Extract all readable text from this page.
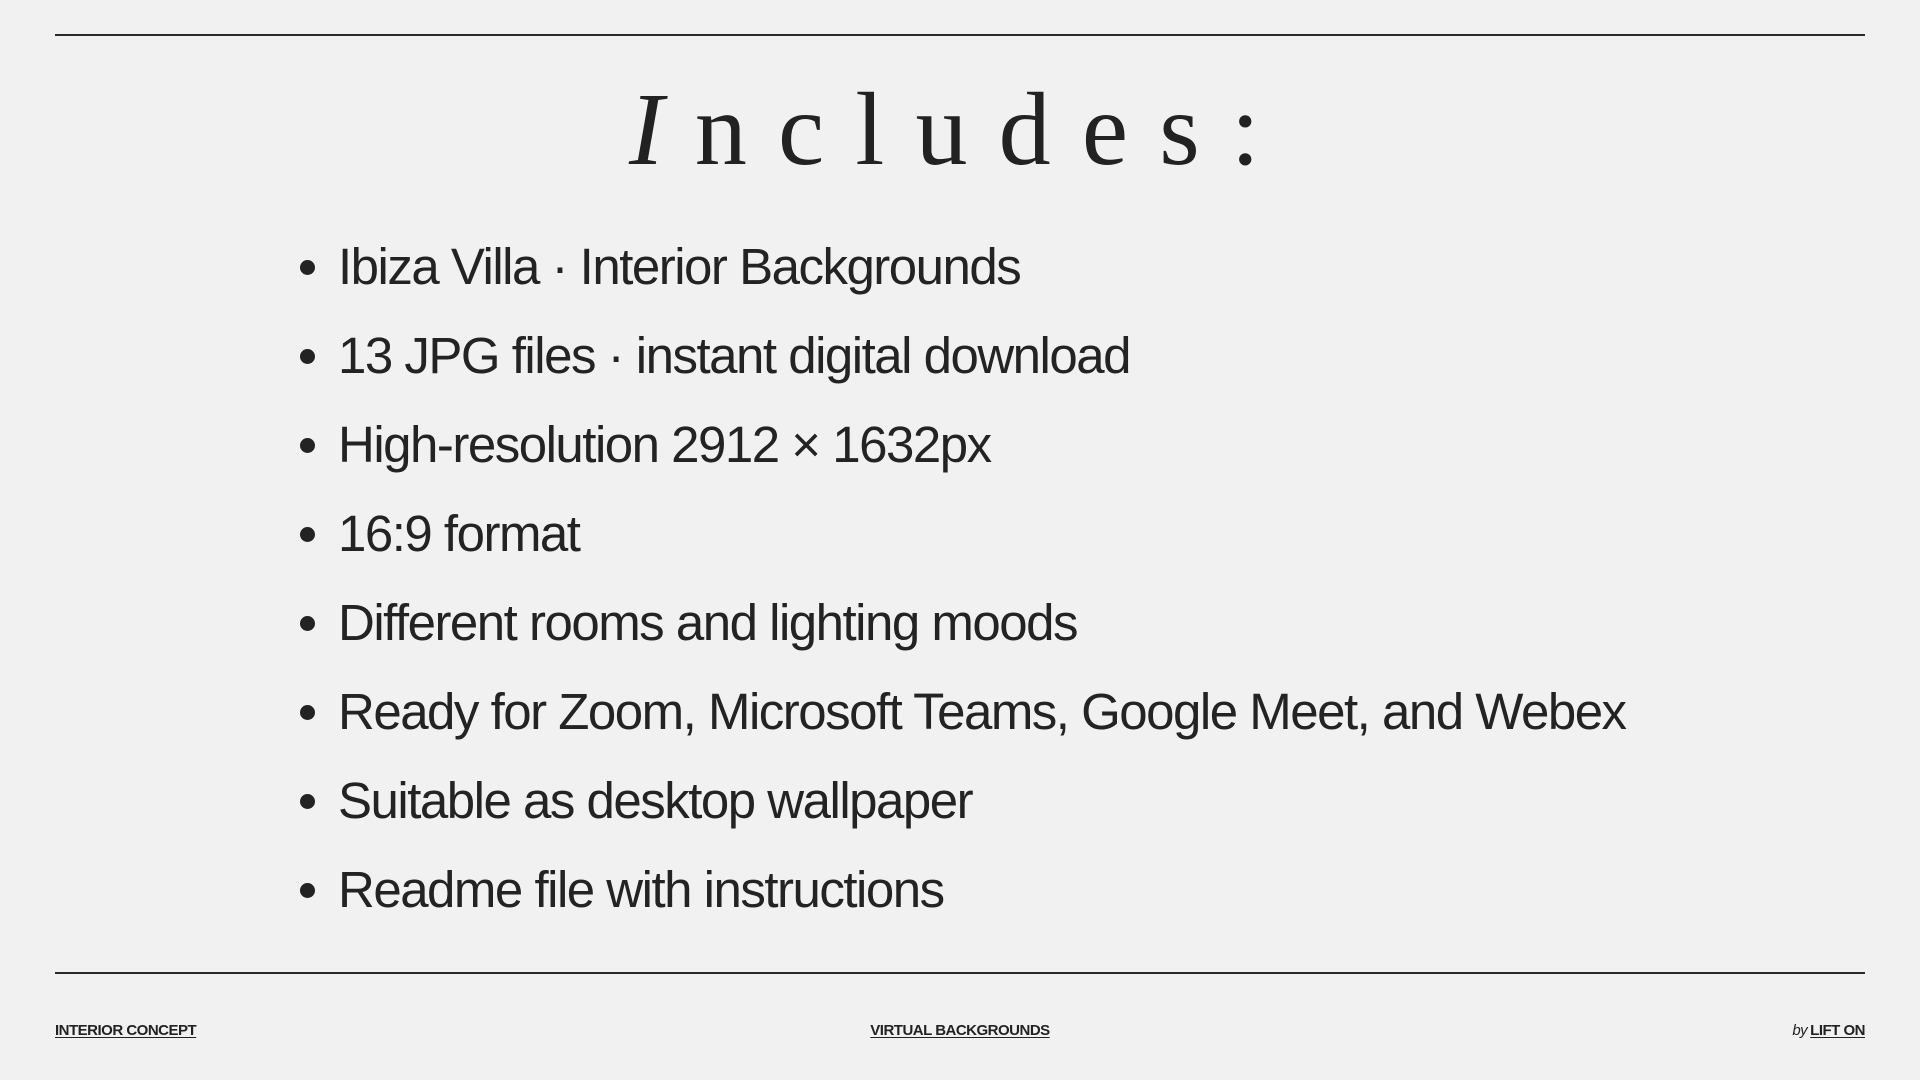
Includes:
Ibiza Villa · Interior Backgrounds
13 JPG files · instant digital download
High-resolution 2912 × 1632px
16:9 format
Different rooms and lighting moods
Ready for Zoom, Microsoft Teams, Google Meet, and Webex
Suitable as desktop wallpaper
Readme file with instructions
INTERIOR CONCEPT	VIRTUAL BACKGROUNDS	by LIFT ON
